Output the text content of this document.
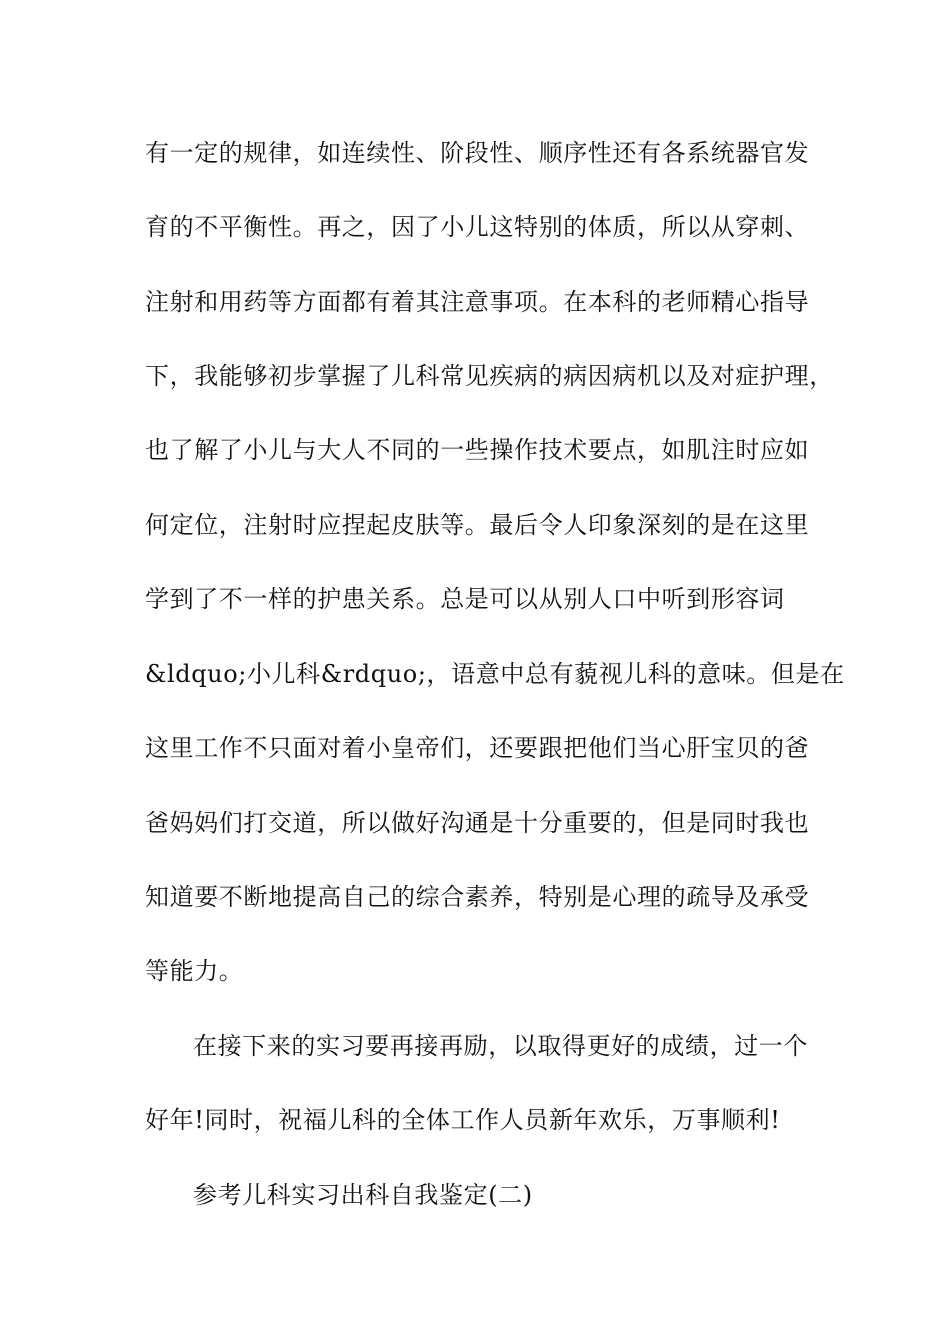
有一定的规律，如连续性、阶段性、顺序性还有各系统器官发
育的不平衡性。再之，因了小儿这特别的体质，所以从穿刺、
注射和用药等方面都有着其注意事项。在本科的老师精心指导
下，我能够初步掌握了儿科常见疾病的病因病机以及对症护理，
也了解了小儿与大人不同的一些操作技术要点，如肌注时应如
何定位，注射时应捏起皮肤等。最后令人印象深刻的是在这里
学到了不一样的护患关系。总是可以从别人口中听到形容词
&ldquo;小儿科&rdquo;，语意中总有藐视儿科的意味。但是在
这里工作不只面对着小皇帝们，还要跟把他们当心肝宝贝的爸
爸妈妈们打交道，所以做好沟通是十分重要的，但是同时我也
知道要不断地提高自己的综合素养，特别是心理的疏导及承受
等能力。
在接下来的实习要再接再励，以取得更好的成绩，过一个
好年!同时，祝福儿科的全体工作人员新年欢乐，万事顺利!
参考儿科实习出科自我鉴定(二)
